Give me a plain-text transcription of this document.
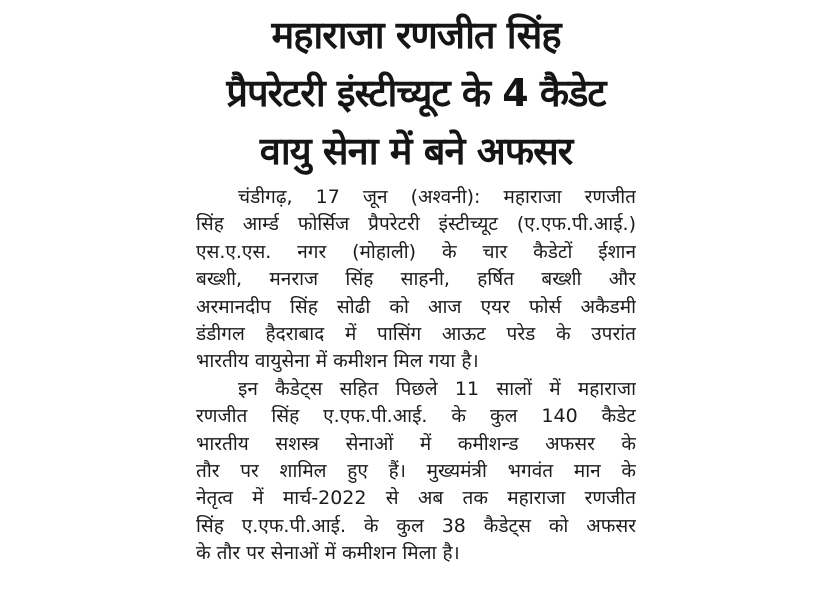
महाराजा रणजीत सिंह
प्रैपरेटरी इंस्टीच्यूट के 4 कैडेट
वायु सेना में बने अफसर
चंडीगढ़, 17 जून (अश्वनी): महाराजा रणजीत
सिंह आर्म्ड फोर्सिज प्रैपरेटरी इंस्टीच्यूट (ए.एफ.पी.आई.)
एस.ए.एस. नगर (मोहाली) के चार कैडेटों ईशान
बख्शी, मनराज सिंह साहनी, हर्षित बख्शी और
अरमानदीप सिंह सोढी को आज एयर फोर्स अकैडमी
डंडीगल हैदराबाद में पासिंग आऊट परेड के उपरांत
भारतीय वायुसेना में कमीशन मिल गया है।
इन कैडेट्स सहित पिछले 11 सालों में महाराजा
रणजीत सिंह ए.एफ.पी.आई. के कुल 140 कैडेट
भारतीय सशस्त्र सेनाओं में कमीशन्ड अफसर के
तौर पर शामिल हुए हैं। मुख्यमंत्री भगवंत मान के
नेतृत्व में मार्च-2022 से अब तक महाराजा रणजीत
सिंह ए.एफ.पी.आई. के कुल 38 कैडेट्स को अफसर
के तौर पर सेनाओं में कमीशन मिला है।
